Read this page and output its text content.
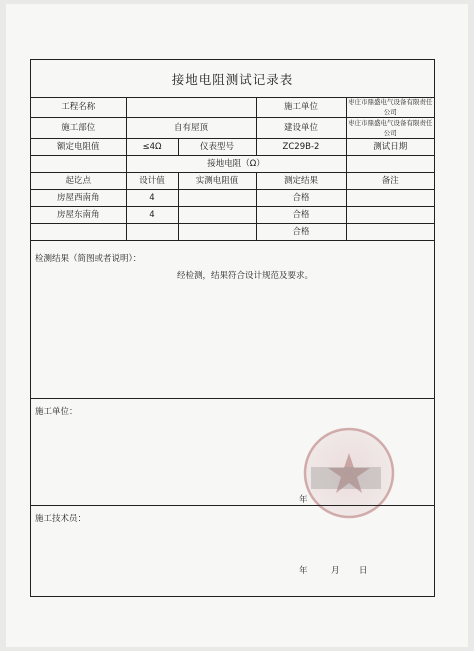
接地电阻测试记录表
工程名称			施工单位	枣庄市鼎盛电气设备有限责任公司
施工部位	自有屋顶		建设单位	枣庄市鼎盛电气设备有限责任公司
额定电阻值	≤4Ω	仪表型号	ZC29B-2	测试日期
	接地电阻（Ω）			
起讫点	设计值	实测电阻值	测定结果	备注
房屋西南角	4		合格	
房屋东南角	4		合格	
			合格	
检测结果（简图或者说明）：
经检测，结果符合设计规范及要求。
施工单位：
年
施工技术员：
年	月 日
